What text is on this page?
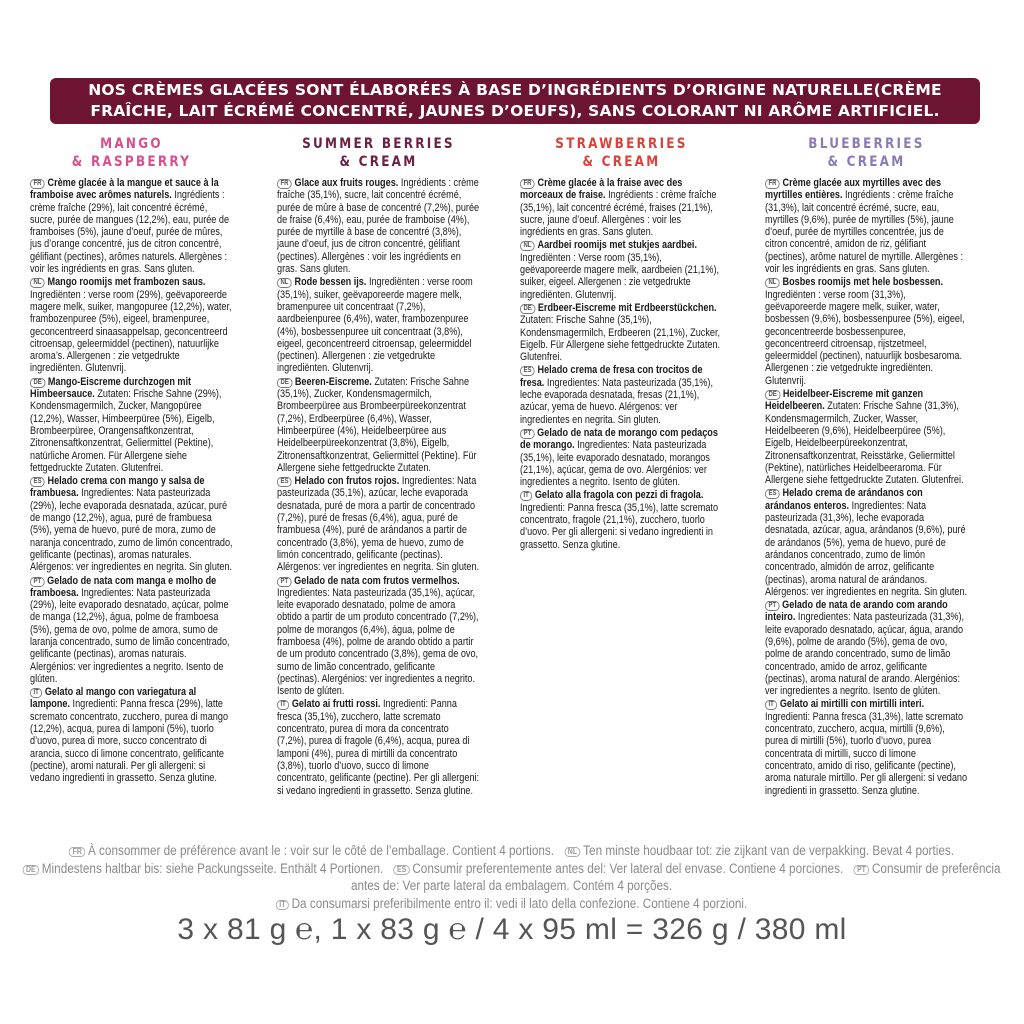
NOS CRÈMES GLACÉES SONT ÉLABORÉES À BASE D’INGRÉDIENTS D’ORIGINE NATURELLE(CRÈME
FRAÎCHE, LAIT ÉCRÉMÉ CONCENTRÉ, JAUNES D’OEUFS), SANS COLORANT NI ARÔME ARTIFICIEL.
MANGO
& RASPBERRY
FR Crème glacée à la mangue et sauce à la framboise avec arômes naturels. Ingrédients : crème fraîche (29%), lait concentré écrémé, sucre, purée de mangues (12,2%), eau, purée de framboises (5%), jaune d’oeuf, purée de mûres, jus d’orange concentré, jus de citron concentré, gélifiant (pectines), arômes naturels. Allergènes : voir les ingrédients en gras. Sans gluten.
NL Mango roomijs met frambozen saus. Ingrediënten : verse room (29%), geëvaporeerde magere melk, suiker, mangopuree (12,2%), water, frambozenpuree (5%), eigeel, bramenpuree, geconcentreerd sinaasappelsap, geconcentreerd citroensap, geleermiddel (pectinen), natuurlijke aroma’s. Allergenen : zie vetgedrukte ingrediënten. Glutenvrij.
DE Mango-Eiscreme durchzogen mit Himbeersauce. Zutaten: Frische Sahne (29%), Kondensmagermilch, Zucker, Mangopüree (12,2%), Wasser, Himbeerpüree (5%), Eigelb, Brombeerpüree, Orangensaftkonzentrat, Zitronensaftkonzentrat, Geliermittel (Pektine), natürliche Aromen. Für Allergene siehe fettgedruckte Zutaten. Glutenfrei.
ES Helado crema con mango y salsa de frambuesa. Ingredientes: Nata pasteurizada (29%), leche evaporada desnatada, azúcar, puré de mango (12,2%), agua, puré de frambuesa (5%), yema de huevo, puré de mora, zumo de naranja concentrado, zumo de limón concentrado, gelificante (pectinas), aromas naturales. Alérgenos: ver ingredientes en negrita. Sin gluten.
PT Gelado de nata com manga e molho de framboesa. Ingredientes: Nata pasteurizada (29%), leite evaporado desnatado, açúcar, polme de manga (12,2%), água, polme de framboesa (5%), gema de ovo, polme de amora, sumo de laranja concentrado, sumo de limão concentrado, gelificante (pectinas), aromas naturais. Alergénios: ver ingredientes a negrito. Isento de glúten.
IT Gelato al mango con variegatura al lampone. Ingredienti: Panna fresca (29%), latte scremato concentrato, zucchero, purea di mango (12,2%), acqua, purea di lamponi (5%), tuorlo d’uovo, purea di more, succo concentrato di arancia, succo di limone concentrato, gelificante (pectine), aromi naturali. Per gli allergeni: si vedano ingredienti in grassetto. Senza glutine.
SUMMER BERRIES
& CREAM
FR Glace aux fruits rouges. Ingrédients : crème fraîche (35,1%), sucre, lait concentré écrémé, purée de mûre à base de concentré (7,2%), purée de fraise (6,4%), eau, purée de framboise (4%), purée de myrtille à base de concentré (3,8%), jaune d’oeuf, jus de citron concentré, gélifiant (pectines). Allergènes : voir les ingrédients en gras. Sans gluten.
NL Rode bessen ijs. Ingrediënten : verse room (35,1%), suiker, geëvaporeerde magere melk, bramenpuree uit concentraat (7,2%), aardbeienpuree (6,4%), water, frambozenpuree (4%), bosbessenpuree uit concentraat (3,8%), eigeel, geconcentreerd citroensap, geleermiddel (pectinen). Allergenen : zie vetgedrukte ingrediënten. Glutenvrij.
DE Beeren-Eiscreme. Zutaten: Frische Sahne (35,1%), Zucker, Kondensmagermilch, Brombeerpüree aus Brombeerpüreekonzentrat (7,2%), Erdbeerpüree (6,4%), Wasser, Himbeerpüree (4%), Heidelbeerpüree aus Heidelbeerpüreekonzentrat (3,8%), Eigelb, Zitronensaftkonzentrat, Geliermittel (Pektine). Für Allergene siehe fettgedruckte Zutaten.
ES Helado con frutos rojos. Ingredientes: Nata pasteurizada (35,1%), azúcar, leche evaporada desnatada, puré de mora a partir de concentrado (7,2%), puré de fresas (6,4%), agua, puré de frambuesa (4%), puré de arándanos a partir de concentrado (3,8%), yema de huevo, zumo de limón concentrado, gelificante (pectinas). Alérgenos: ver ingredientes en negrita. Sin gluten.
PT Gelado de nata com frutos vermelhos. Ingredientes: Nata pasteurizada (35,1%), açúcar, leite evaporado desnatado, polme de amora obtido a partir de um produto concentrado (7,2%), polme de morangos (6,4%), água, polme de framboesa (4%), polme de arando obtido a partir de um produto concentrado (3,8%), gema de ovo, sumo de limão concentrado, gelificante (pectinas). Alergénios: ver ingredientes a negrito. Isento de glúten.
IT Gelato ai frutti rossi. Ingredienti: Panna fresca (35,1%), zucchero, latte scremato concentrato, purea di mora da concentrato (7,2%), purea di fragole (6,4%), acqua, purea di lamponi (4%), purea di mirtilli da concentrato (3,8%), tuorlo d’uovo, succo di limone concentrato, gelificante (pectine). Per gli allergeni: si vedano ingredienti in grassetto. Senza glutine.
STRAWBERRIES
& CREAM
FR Crème glacée à la fraise avec des morceaux de fraise. Ingrédients : crème fraîche (35,1%), lait concentré écrémé, fraises (21,1%), sucre, jaune d’oeuf. Allergènes : voir les ingrédients en gras. Sans gluten.
NL Aardbei roomijs met stukjes aardbei. Ingrediënten : Verse room (35,1%), geëvaporeerde magere melk, aardbeien (21,1%), suiker, eigeel. Allergenen : zie vetgedrukte ingrediënten. Glutenvrij.
DE Erdbeer-Eiscreme mit Erdbeerstückchen. Zutaten: Frische Sahne (35,1%), Kondensmagermilch, Erdbeeren (21,1%), Zucker, Eigelb. Für Allergene siehe fettgedruckte Zutaten. Glutenfrei.
ES Helado crema de fresa con trocitos de fresa. Ingredientes: Nata pasteurizada (35,1%), leche evaporada desnatada, fresas (21,1%), azúcar, yema de huevo. Alérgenos: ver ingredientes en negrita. Sin gluten.
PT Gelado de nata de morango com pedaços de morango. Ingredientes: Nata pasteurizada (35,1%), leite evaporado desnatado, morangos (21,1%), açúcar, gema de ovo. Alergénios: ver ingredientes a negrito. Isento de glúten.
IT Gelato alla fragola con pezzi di fragola. Ingredienti: Panna fresca (35,1%), latte scremato concentrato, fragole (21,1%), zucchero, tuorlo d’uovo. Per gli allergeni: si vedano ingredienti in grassetto. Senza glutine.
BLUEBERRIES
& CREAM
FR Crème glacée aux myrtilles avec des myrtilles entières. Ingrédients : crème fraîche (31,3%), lait concentré écrémé, sucre, eau, myrtilles (9,6%), purée de myrtilles (5%), jaune d’oeuf, purée de myrtilles concentrée, jus de citron concentré, amidon de riz, gélifiant (pectines), arôme naturel de myrtille. Allergènes : voir les ingrédients en gras. Sans gluten.
NL Bosbes roomijs met hele bosbessen. Ingrediënten : verse room (31,3%), geëvaporeerde magere melk, suiker, water, bosbessen (9,6%), bosbessenpuree (5%), eigeel, geconcentreerde bosbessenpuree, geconcentreerd citroensap, rijstzetmeel, geleermiddel (pectinen), natuurlijk bosbesaroma. Allergenen : zie vetgedrukte ingrediënten. Glutenvrij.
DE Heidelbeer-Eiscreme mit ganzen Heidelbeeren. Zutaten: Frische Sahne (31,3%), Kondensmagermilch, Zucker, Wasser, Heidelbeeren (9,6%), Heidelbeerpüree (5%), Eigelb, Heidelbeerpüreekonzentrat, Zitronensaftkonzentrat, Reisstärke, Geliermittel (Pektine), natürliches Heidelbeeraroma. Für Allergene siehe fettgedruckte Zutaten. Glutenfrei.
ES Helado crema de arándanos con arándanos enteros. Ingredientes: Nata pasteurizada (31,3%), leche evaporada desnatada, azúcar, agua, arándanos (9,6%), puré de arándanos (5%), yema de huevo, puré de arándanos concentrado, zumo de limón concentrado, almidón de arroz, gelificante (pectinas), aroma natural de arándanos. Alérgenos: ver ingredientes en negrita. Sin gluten.
PT Gelado de nata de arando com arando inteiro. Ingredientes: Nata pasteurizada (31,3%), leite evaporado desnatado, açúcar, água, arando (9,6%), polme de arando (5%), gema de ovo, polme de arando concentrado, sumo de limão concentrado, amido de arroz, gelificante (pectinas), aroma natural de arando. Alergénios: ver ingredientes a negrito. Isento de glúten.
IT Gelato ai mirtilli con mirtilli interi. Ingredienti: Panna fresca (31,3%), latte scremato concentrato, zucchero, acqua, mirtilli (9,6%), purea di mirtilli (5%), tuorlo d’uovo, purea concentrata di mirtilli, succo di limone concentrato, amido di riso, gelificante (pectine), aroma naturale mirtillo. Per gli allergeni: si vedano ingredienti in grassetto. Senza glutine.
FR À consommer de préférence avant le : voir sur le côté de l’emballage. Contient 4 portions. NL Ten minste houdbaar tot: zie zijkant van de verpakking. Bevat 4 porties.
DE Mindestens haltbar bis: siehe Packungsseite. Enthält 4 Portionen. ES Consumir preferentemente antes del: Ver lateral del envase. Contiene 4 porciones. PT Consumir de preferência antes de: Ver parte lateral da embalagem. Contém 4 porções.
IT Da consumarsi preferibilmente entro il: vedi il lato della confezione. Contiene 4 porzioni.
3 x 81 g ℮, 1 x 83 g ℮ / 4 x 95 ml = 326 g / 380 ml
